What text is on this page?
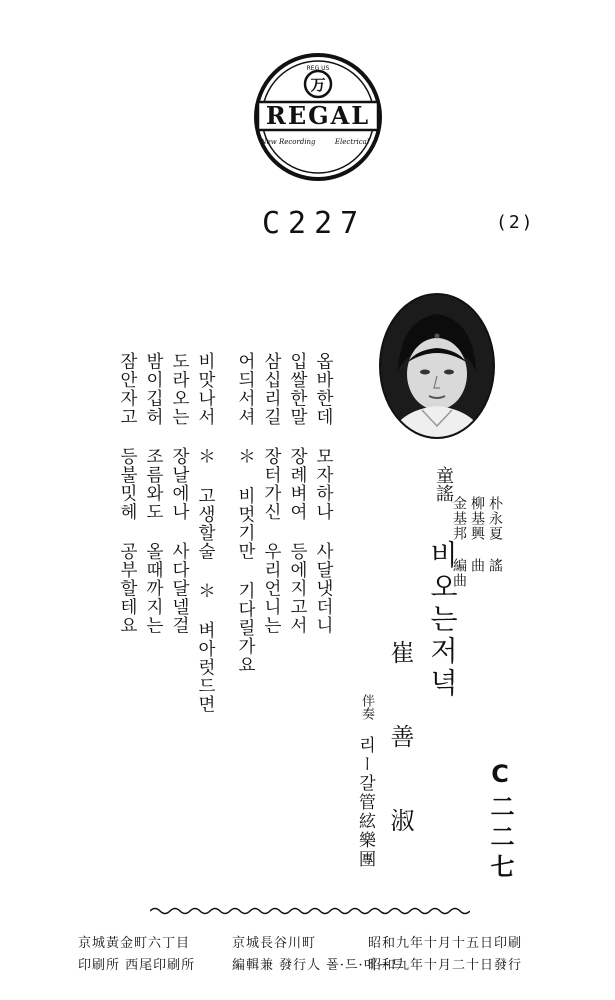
万
REG US
REGAL
New Recording	Electrical
C227	(2)
옵바한데 모자하나 사달냇더니
입쌀한말 장례벼여 등에지고서
삼십리길 장터가신 우리언니는
어듸서셔 ＊ 비멋기만 기다릴가요
비맛나서 ＊ 고생할술 ＊ 벼아럿드면
도라오는 장날에나 사다달넬걸
밤이깁허 조름와도 올때까지는
잠안자고 등불밋헤 공부할테요	童謠
비오는저녁
朴永夏 謠
柳基興 曲
金基邦 編曲
崔善淑
伴奏
리ー갈管絃樂團	C二二七
昭和九年十月十五日印刷
昭和九年十月二十日發行
京城長谷川町
編輯兼 發行人 폴·드·메ー드
京城黃金町六丁目
印刷所 西尾印刷所
